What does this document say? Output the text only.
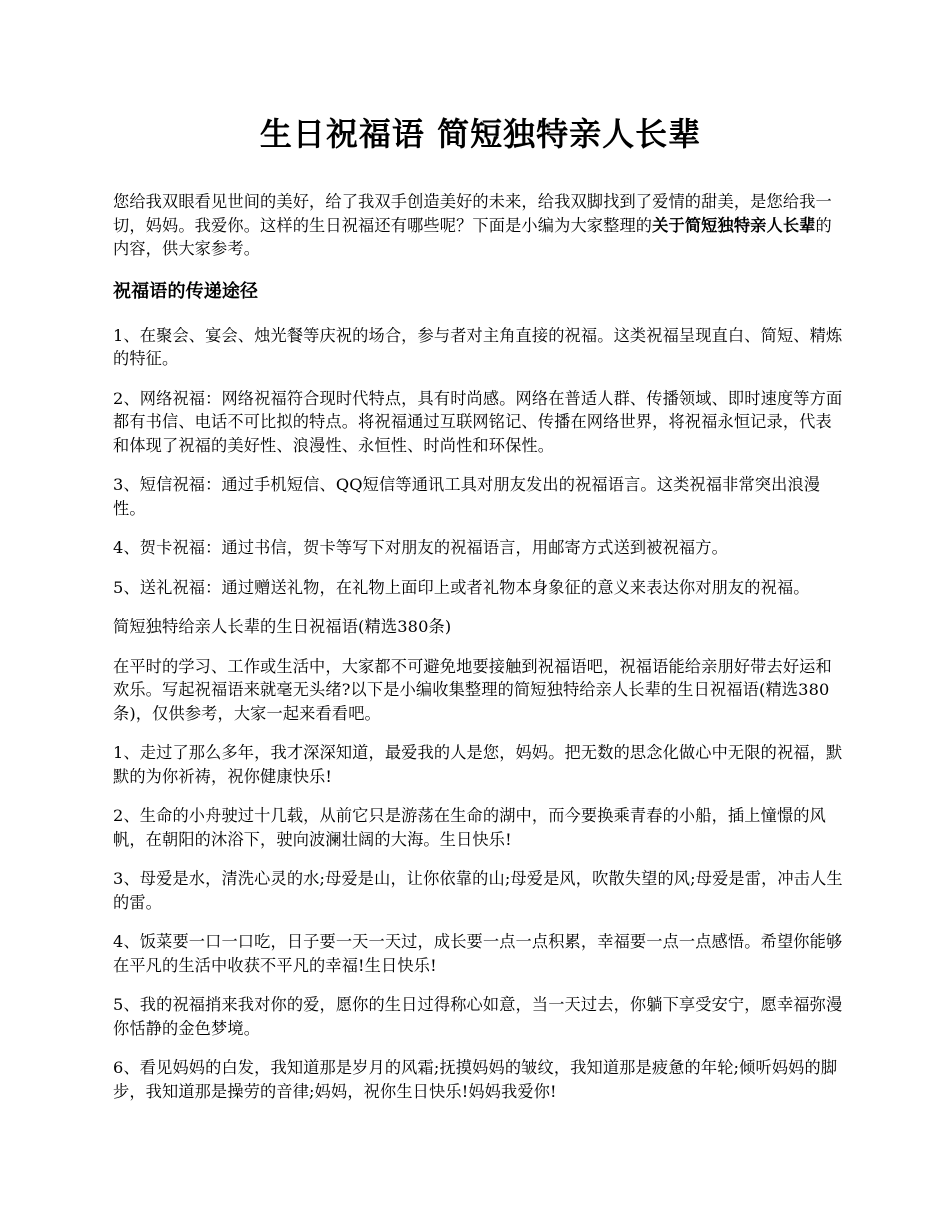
生日祝福语 简短独特亲人长辈

您给我双眼看见世间的美好，给了我双手创造美好的未来，给我双脚找到了爱情的甜美，是您给我一切，妈妈。我爱你。这样的生日祝福还有哪些呢？下面是小编为大家整理的关于简短独特亲人长辈的内容，供大家参考。

祝福语的传递途径

1、在聚会、宴会、烛光餐等庆祝的场合，参与者对主角直接的祝福。这类祝福呈现直白、简短、精炼的特征。

2、网络祝福：网络祝福符合现时代特点，具有时尚感。网络在普适人群、传播领域、即时速度等方面都有书信、电话不可比拟的特点。将祝福通过互联网铭记、传播在网络世界，将祝福永恒记录，代表和体现了祝福的美好性、浪漫性、永恒性、时尚性和环保性。

3、短信祝福：通过手机短信、QQ短信等通讯工具对朋友发出的祝福语言。这类祝福非常突出浪漫性。

4、贺卡祝福：通过书信，贺卡等写下对朋友的祝福语言，用邮寄方式送到被祝福方。

5、送礼祝福：通过赠送礼物，在礼物上面印上或者礼物本身象征的意义来表达你对朋友的祝福。

简短独特给亲人长辈的生日祝福语(精选380条)

在平时的学习、工作或生活中，大家都不可避免地要接触到祝福语吧，祝福语能给亲朋好带去好运和欢乐。写起祝福语来就毫无头绪?以下是小编收集整理的简短独特给亲人长辈的生日祝福语(精选380条)，仅供参考，大家一起来看看吧。

1、走过了那么多年，我才深深知道，最爱我的人是您，妈妈。把无数的思念化做心中无限的祝福，默默的为你祈祷，祝你健康快乐!

2、生命的小舟驶过十几载，从前它只是游荡在生命的湖中，而今要换乘青春的小船，插上憧憬的风帆，在朝阳的沐浴下，驶向波澜壮阔的大海。生日快乐!

3、母爱是水，清洗心灵的水;母爱是山，让你依靠的山;母爱是风，吹散失望的风;母爱是雷，冲击人生的雷。

4、饭菜要一口一口吃，日子要一天一天过，成长要一点一点积累，幸福要一点一点感悟。希望你能够在平凡的生活中收获不平凡的幸福!生日快乐!

5、我的祝福捎来我对你的爱，愿你的生日过得称心如意，当一天过去，你躺下享受安宁，愿幸福弥漫你恬静的金色梦境。

6、看见妈妈的白发，我知道那是岁月的风霜;抚摸妈妈的皱纹，我知道那是疲惫的年轮;倾听妈妈的脚步，我知道那是操劳的音律;妈妈，祝你生日快乐!妈妈我爱你!
